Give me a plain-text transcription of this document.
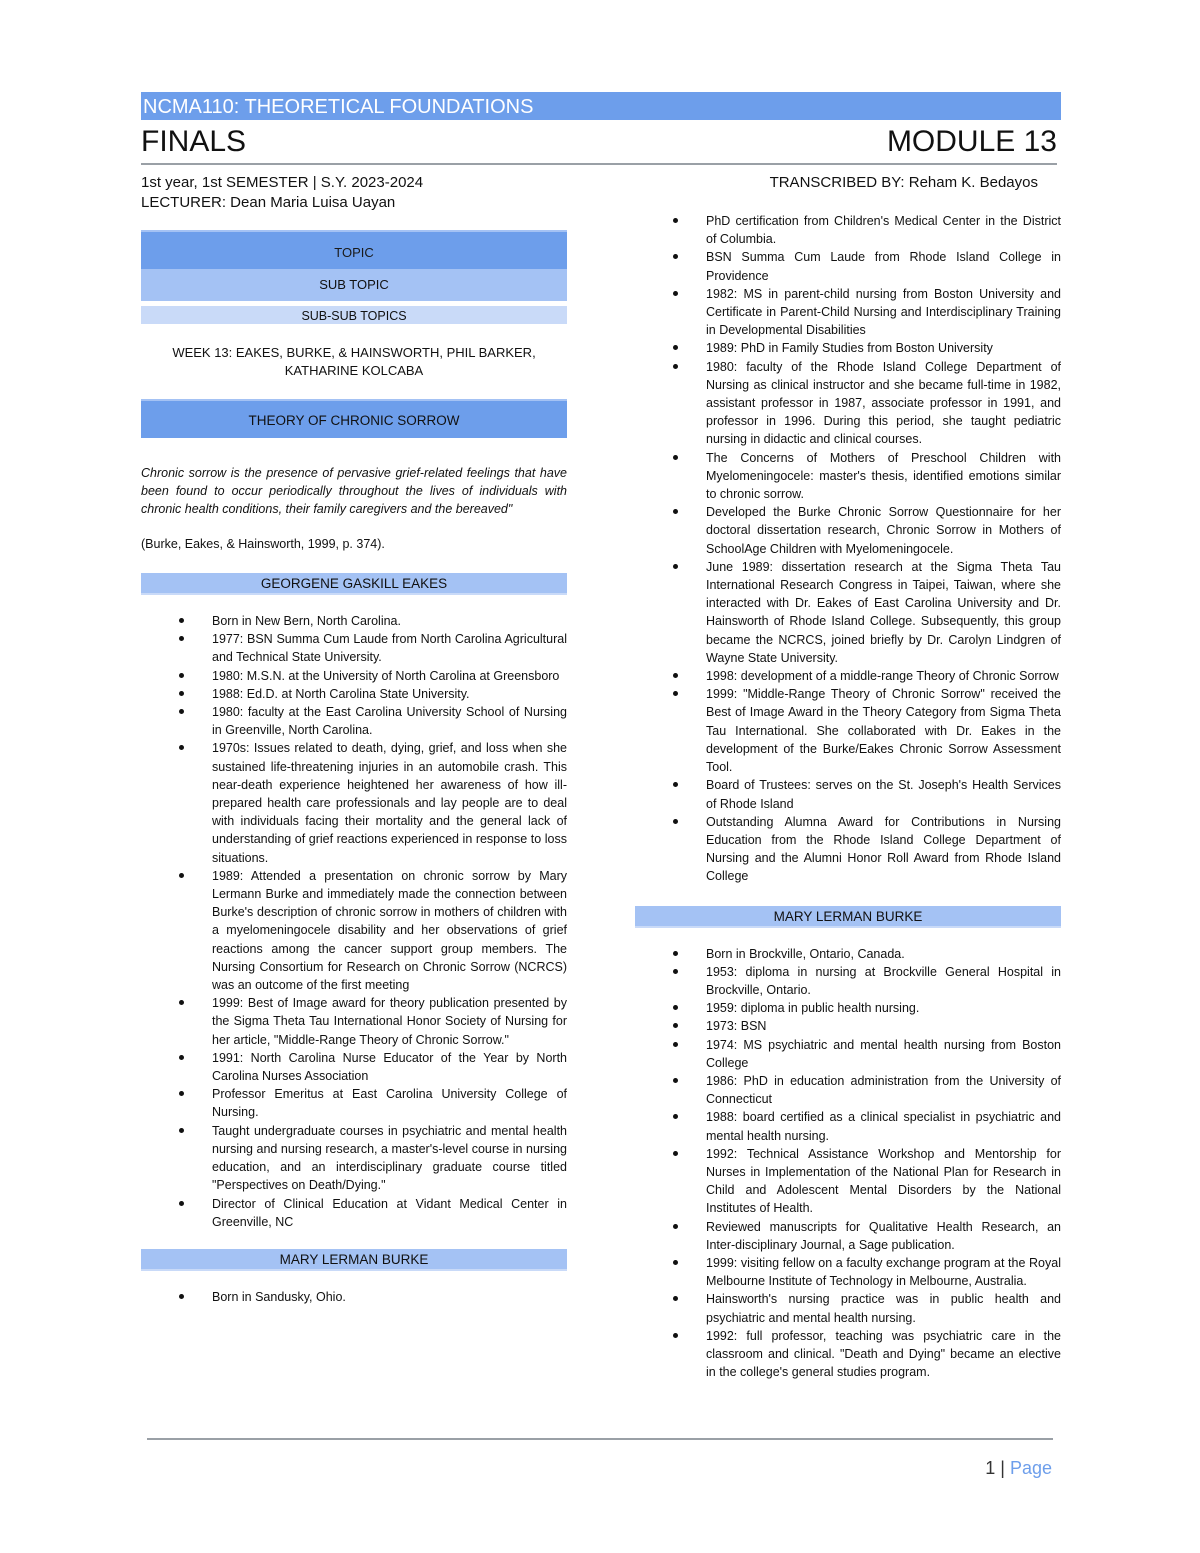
NCMA110: THEORETICAL FOUNDATIONS
FINALS	MODULE 13
1st year, 1st SEMESTER | S.Y. 2023-2024
LECTURER: Dean Maria Luisa Uayan
TRANSCRIBED BY: Reham K. Bedayos
TOPIC
SUB TOPIC
SUB-SUB TOPICS
WEEK 13: EAKES, BURKE, & HAINSWORTH, PHIL BARKER, KATHARINE KOLCABA
THEORY OF CHRONIC SORROW
Chronic sorrow is the presence of pervasive grief-related feelings that have been found to occur periodically throughout the lives of individuals with chronic health conditions, their family caregivers and the bereaved"
(Burke, Eakes, & Hainsworth, 1999, p. 374).
GEORGENE GASKILL EAKES
Born in New Bern, North Carolina.
1977: BSN Summa Cum Laude from North Carolina Agricultural and Technical State University.
1980: M.S.N. at the University of North Carolina at Greensboro
1988: Ed.D. at North Carolina State University.
1980: faculty at the East Carolina University School of Nursing in Greenville, North Carolina.
1970s: Issues related to death, dying, grief, and loss when she sustained life-threatening injuries in an automobile crash. This near-death experience heightened her awareness of how ill-prepared health care professionals and lay people are to deal with individuals facing their mortality and the general lack of understanding of grief reactions experienced in response to loss situations.
1989: Attended a presentation on chronic sorrow by Mary Lermann Burke and immediately made the connection between Burke's description of chronic sorrow in mothers of children with a myelomeningocele disability and her observations of grief reactions among the cancer support group members. The Nursing Consortium for Research on Chronic Sorrow (NCRCS) was an outcome of the first meeting
1999: Best of Image award for theory publication presented by the Sigma Theta Tau International Honor Society of Nursing for her article, "Middle-Range Theory of Chronic Sorrow."
1991: North Carolina Nurse Educator of the Year by North Carolina Nurses Association
Professor Emeritus at East Carolina University College of Nursing.
Taught undergraduate courses in psychiatric and mental health nursing and nursing research, a master's-level course in nursing education, and an interdisciplinary graduate course titled "Perspectives on Death/Dying."
Director of Clinical Education at Vidant Medical Center in Greenville, NC
MARY LERMAN BURKE
Born in Sandusky, Ohio.
PhD certification from Children's Medical Center in the District of Columbia.
BSN Summa Cum Laude from Rhode Island College in Providence
1982: MS in parent-child nursing from Boston University and Certificate in Parent-Child Nursing and Interdisciplinary Training in Developmental Disabilities
1989: PhD in Family Studies from Boston University
1980: faculty of the Rhode Island College Department of Nursing as clinical instructor and she became full-time in 1982, assistant professor in 1987, associate professor in 1991, and professor in 1996. During this period, she taught pediatric nursing in didactic and clinical courses.
The Concerns of Mothers of Preschool Children with Myelomeningocele: master's thesis, identified emotions similar to chronic sorrow.
Developed the Burke Chronic Sorrow Questionnaire for her doctoral dissertation research, Chronic Sorrow in Mothers of SchoolAge Children with Myelomeningocele.
June 1989: dissertation research at the Sigma Theta Tau International Research Congress in Taipei, Taiwan, where she interacted with Dr. Eakes of East Carolina University and Dr. Hainsworth of Rhode Island College. Subsequently, this group became the NCRCS, joined briefly by Dr. Carolyn Lindgren of Wayne State University.
1998: development of a middle-range Theory of Chronic Sorrow
1999: "Middle-Range Theory of Chronic Sorrow" received the Best of Image Award in the Theory Category from Sigma Theta Tau International. She collaborated with Dr. Eakes in the development of the Burke/Eakes Chronic Sorrow Assessment Tool.
Board of Trustees: serves on the St. Joseph's Health Services of Rhode Island
Outstanding Alumna Award for Contributions in Nursing Education from the Rhode Island College Department of Nursing and the Alumni Honor Roll Award from Rhode Island College
MARY LERMAN BURKE
Born in Brockville, Ontario, Canada.
1953: diploma in nursing at Brockville General Hospital in Brockville, Ontario.
1959: diploma in public health nursing.
1973: BSN
1974: MS psychiatric and mental health nursing from Boston College
1986: PhD in education administration from the University of Connecticut
1988: board certified as a clinical specialist in psychiatric and mental health nursing.
1992: Technical Assistance Workshop and Mentorship for Nurses in Implementation of the National Plan for Research in Child and Adolescent Mental Disorders by the National Institutes of Health.
Reviewed manuscripts for Qualitative Health Research, an Inter-disciplinary Journal, a Sage publication.
1999: visiting fellow on a faculty exchange program at the Royal Melbourne Institute of Technology in Melbourne, Australia.
Hainsworth's nursing practice was in public health and psychiatric and mental health nursing.
1992: full professor, teaching was psychiatric care in the classroom and clinical. "Death and Dying" became an elective in the college's general studies program.
1 | Page
